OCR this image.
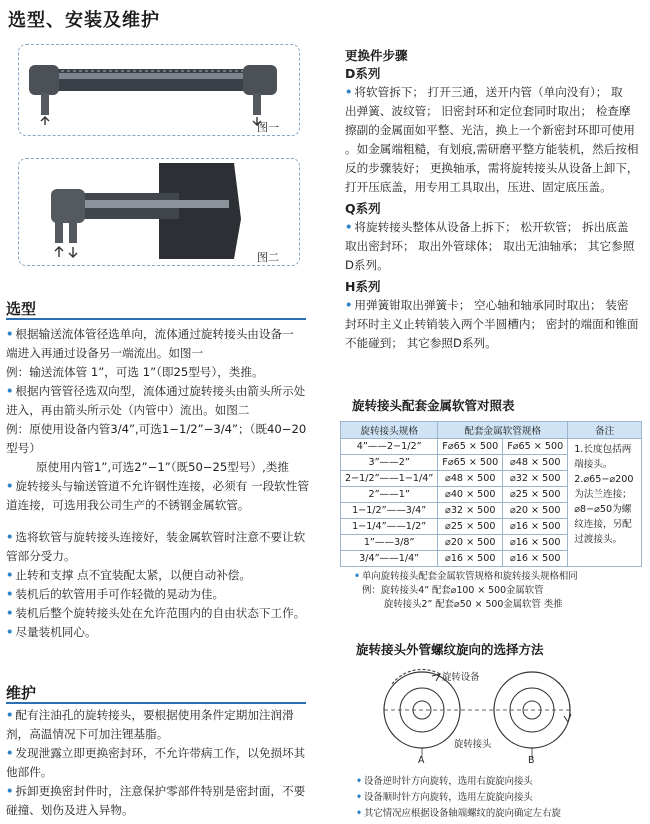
选型、安装及维护
图一
图二
选型
• 根据输送流体管径选单向，流体通过旋转接头由设备一
端进入再通过设备另一端流出。如图一
例：输送流体管 1”，可选 1”（即25型号），类推。
• 根据内管管径选双向型，流体通过旋转接头由箭头所示处
进入，再由箭头所示处（内管中）流出。如图二
例：原使用设备内管3/4”,可选1−1/2”−3/4”；（既40−20型号）
原使用内管1”,可选2”−1”（既50−25型号）,类推
• 旋转接头与输送管道不允许钢性连接，必须有 一段软性管
道连接，可选用我公司生产的不锈钢金属软管。
• 选将软管与旋转接头连接好，装金属软管时注意不要让软
管部分受力。
• 止转和支撑 点不宜装配太紧，以便自动补偿。
• 装机后的软管用手可作轻微的晃动为佳。
• 装机后整个旋转接头处在允许范围内的自由状态下工作。
• 尽量装机同心。
维护
• 配有注油孔的旋转接头，要根据使用条件定期加注润滑
剂，高温情况下可加注锂基脂。
• 发现泄露立即更换密封环，不允许带病工作，以免损坏其
他部件。
• 拆卸更换密封件时，注意保护零部件特别是密封面，不要
碰撞、划伤及进入异物。
更换件步骤
D系列
• 将软管拆下； 打开三通，送开内管（单向没有）； 取
出弹簧、波纹管； 旧密封环和定位套同时取出； 检查摩
擦副的金属面如平整、光洁，换上一个新密封环即可使用
。如金属端粗糙，有划痕,需研磨平整方能装机，然后按相
反的步骤装好； 更换轴承，需将旋转接头从设备上卸下，
打开压底盖，用专用工具取出，压进、固定底压盖。
Q系列
• 将旋转接头整体从设备上拆下； 松开软管； 拆出底盖
取出密封环； 取出外管球体； 取出无油轴承； 其它参照
D系列。
H系列
• 用弹簧钳取出弹簧卡； 空心轴和轴承同时取出； 装密
封环时主义止转销装入两个半圆槽内； 密封的端面和锥面
不能碰到； 其它参照D系列。
旋转接头配套金属软管对照表
旋转接头规格	配套金属软管规格		备注
4”——2−1/2”	F⌀65 × 500	F⌀65 × 500	1.长度包括两端接头。2.⌀65−⌀200为法兰连接；⌀8−⌀50为螺纹连接，另配过渡接头。
3”——2”	F⌀65 × 500	⌀48 × 500	
2−1/2”——1−1/4”	⌀48 × 500	⌀32 × 500	
2”——1”	⌀40 × 500	⌀25 × 500	
1−1/2”——3/4”	⌀32 × 500	⌀20 × 500	
1−1/4”——1/2”	⌀25 × 500	⌀16 × 500	
1”——3/8”	⌀20 × 500	⌀16 × 500	
3/4”——1/4”	⌀16 × 500	⌀16 × 500	
• 单向旋转接头配套金属软管规格和旋转接头规格相同
例：旋转接头4” 配套⌀100 × 500金属软管
旋转接头2” 配套⌀50 × 500金属软管 类推
旋转接头外管螺纹旋向的选择方法
旋转设备
旋转接头
A	B
• 设备逆时针方向旋转，选用右旋旋向接头
• 设备顺时针方向旋转，选用左旋旋向接头
• 其它情况应根据设备轴端螺纹的旋向确定左右旋
